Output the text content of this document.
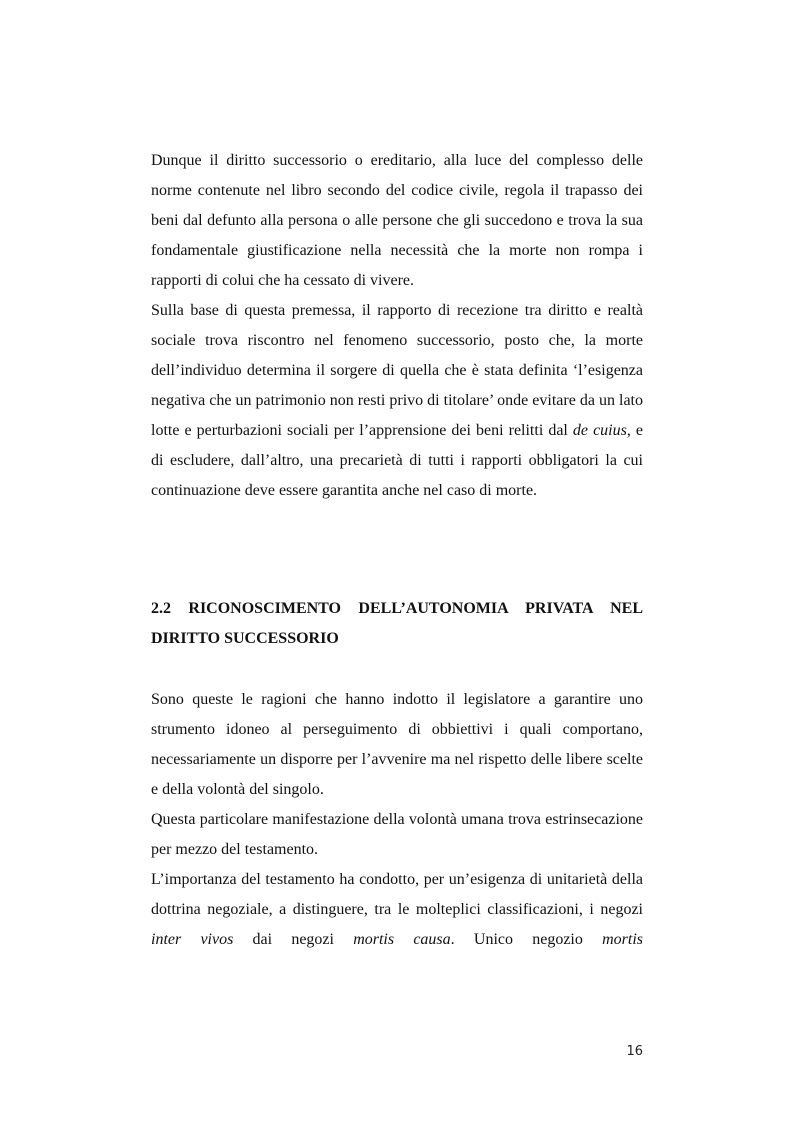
Dunque il diritto successorio o ereditario, alla luce del complesso delle norme contenute nel libro secondo del codice civile, regola il trapasso dei beni dal defunto alla persona o alle persone che gli succedono e trova la sua fondamentale giustificazione nella necessità che la morte non rompa i rapporti di colui che ha cessato di vivere.

Sulla base di questa premessa, il rapporto di recezione tra diritto e realtà sociale trova riscontro nel fenomeno successorio, posto che, la morte dell’individuo determina il sorgere di quella che è stata definita ‘l’esigenza negativa che un patrimonio non resti privo di titolare’ onde evitare da un lato lotte e perturbazioni sociali per l’apprensione dei beni relitti dal de cuius, e di escludere, dall’altro, una precarietà di tutti i rapporti obbligatori la cui continuazione deve essere garantita anche nel caso di morte.

2.2 RICONOSCIMENTO DELL’AUTONOMIA PRIVATA NEL DIRITTO SUCCESSORIO

Sono queste le ragioni che hanno indotto il legislatore a garantire uno strumento idoneo al perseguimento di obbiettivi i quali comportano, necessariamente un disporre per l’avvenire ma nel rispetto delle libere scelte e della volontà del singolo.

Questa particolare manifestazione della volontà umana trova estrinsecazione per mezzo del testamento.

L’importanza del testamento ha condotto, per un’esigenza di unitarietà della dottrina negoziale, a distinguere, tra le molteplici classificazioni, i negozi inter vivos dai negozi mortis causa. Unico negozio mortis

16
